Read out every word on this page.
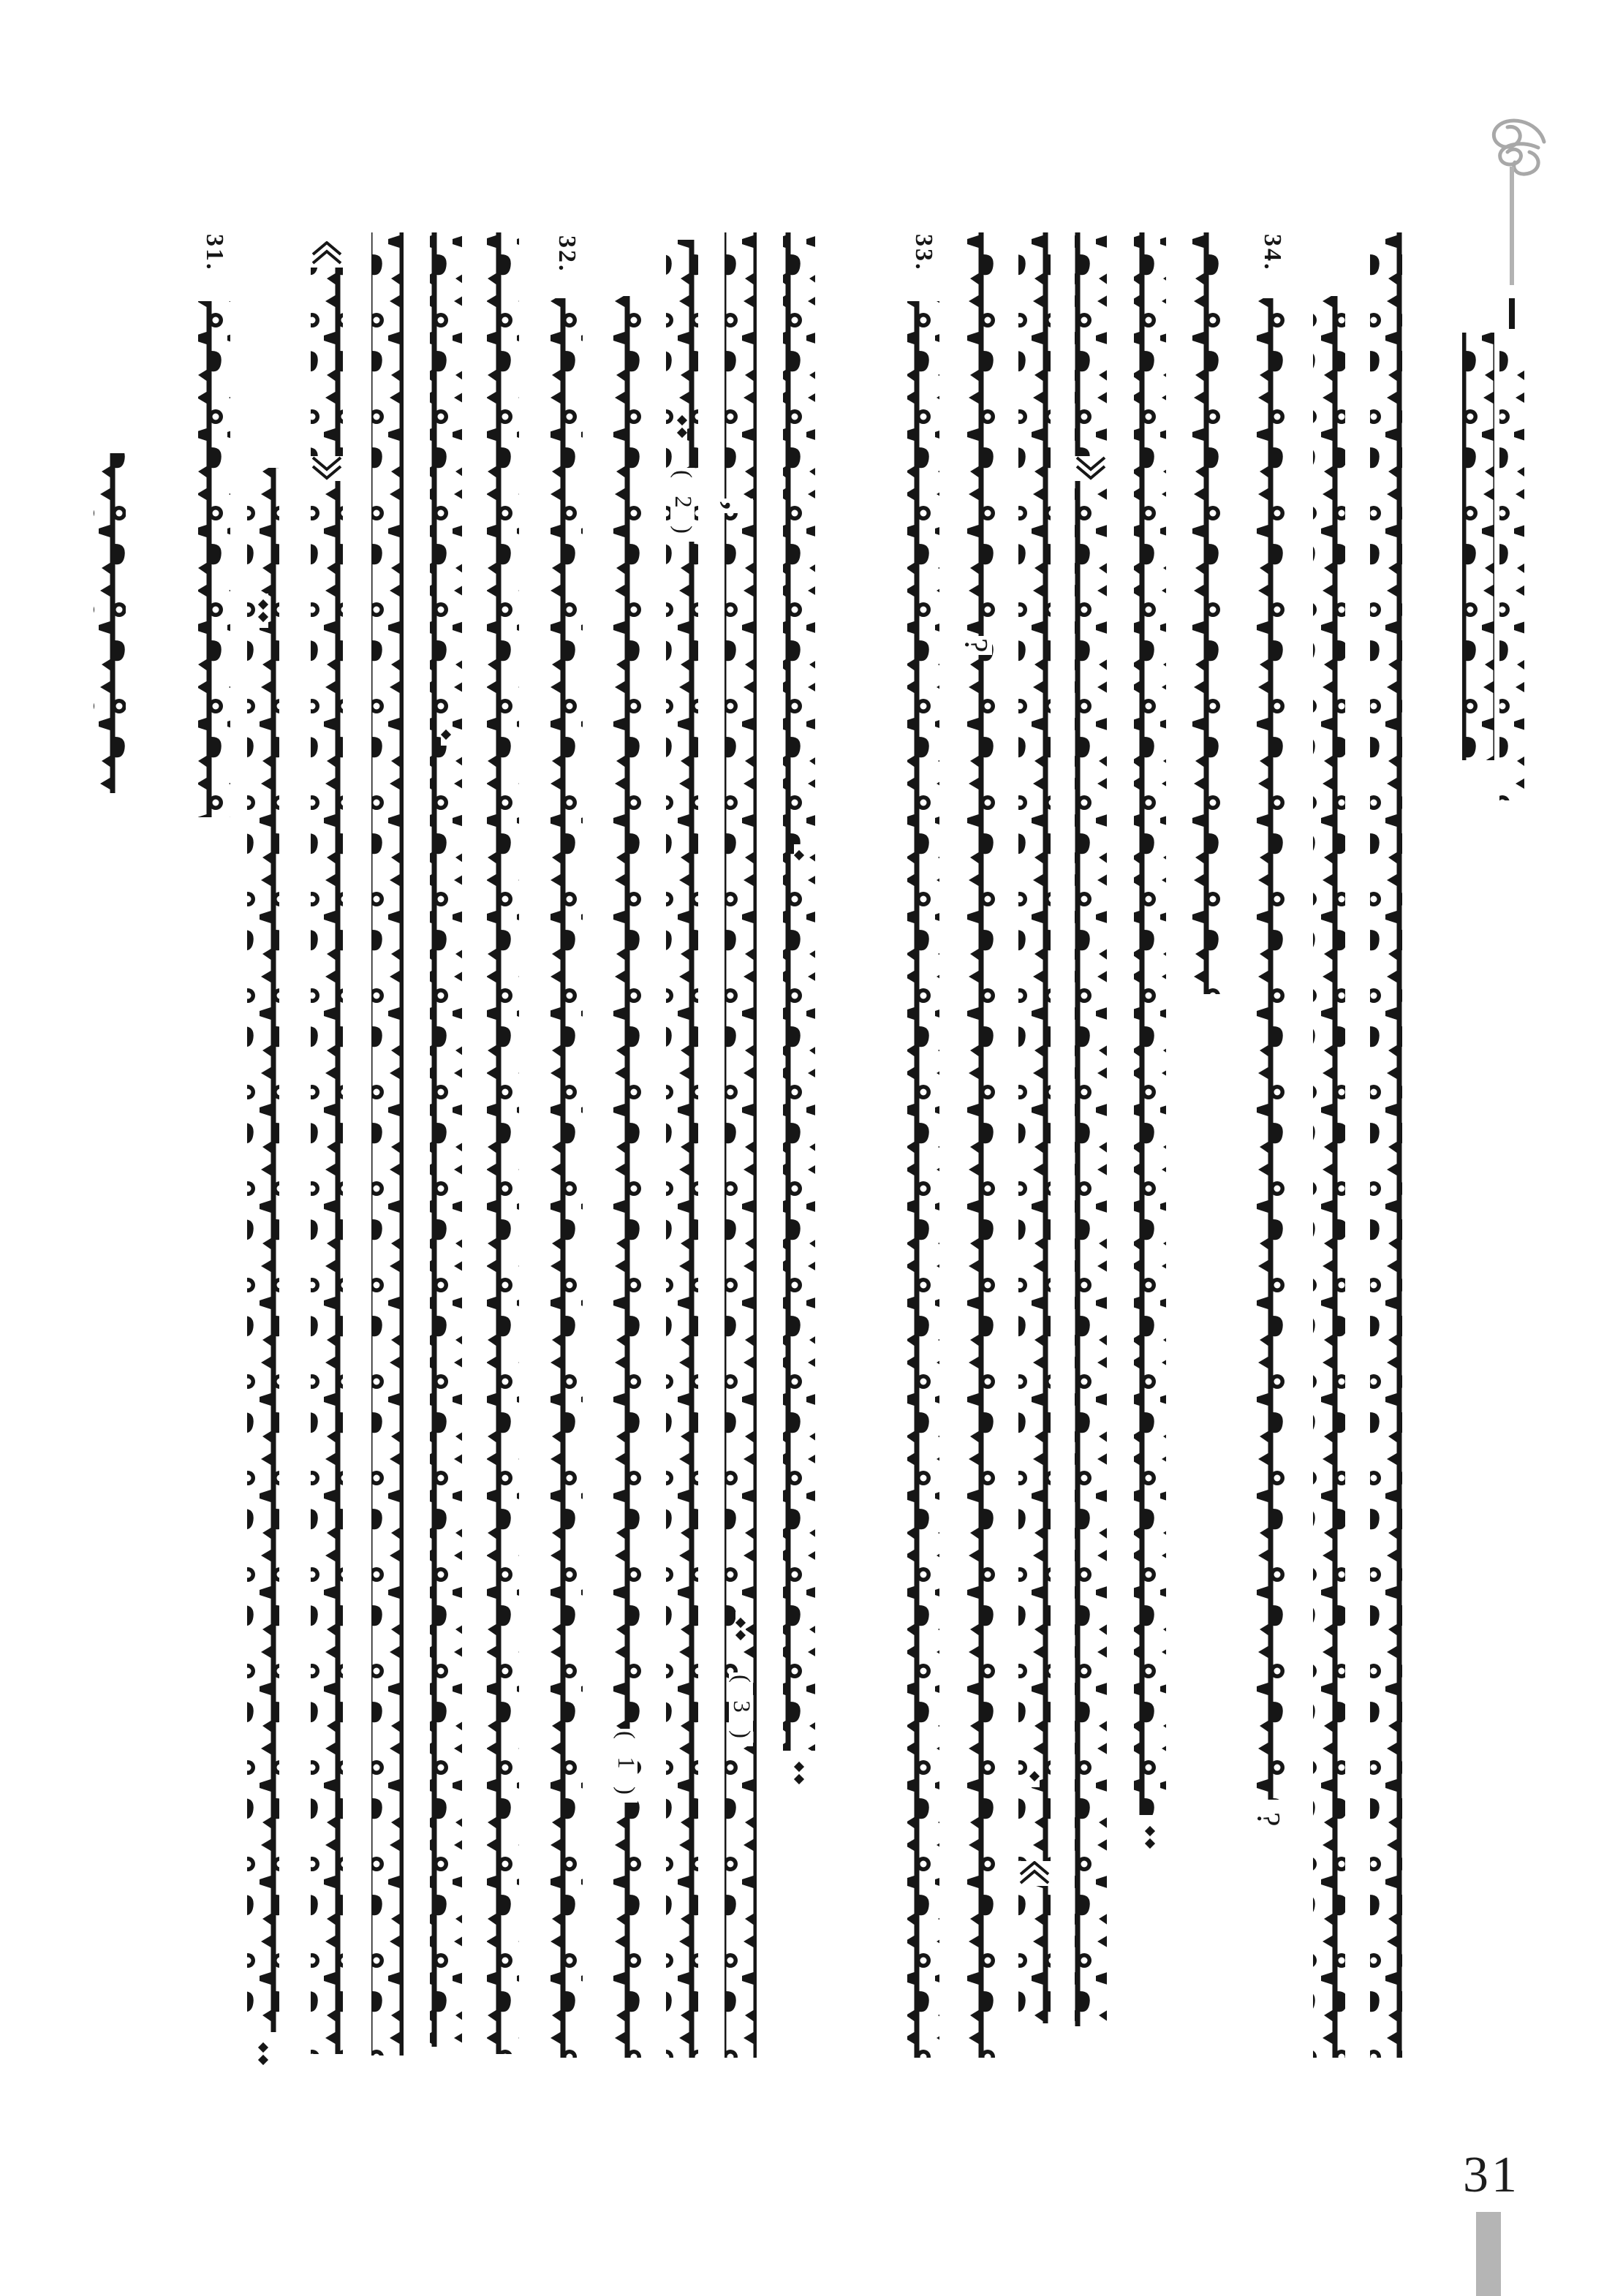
31.	32.
( 1 )
( 2 ) ,
( 3 )
33.
?
34.
?
31
